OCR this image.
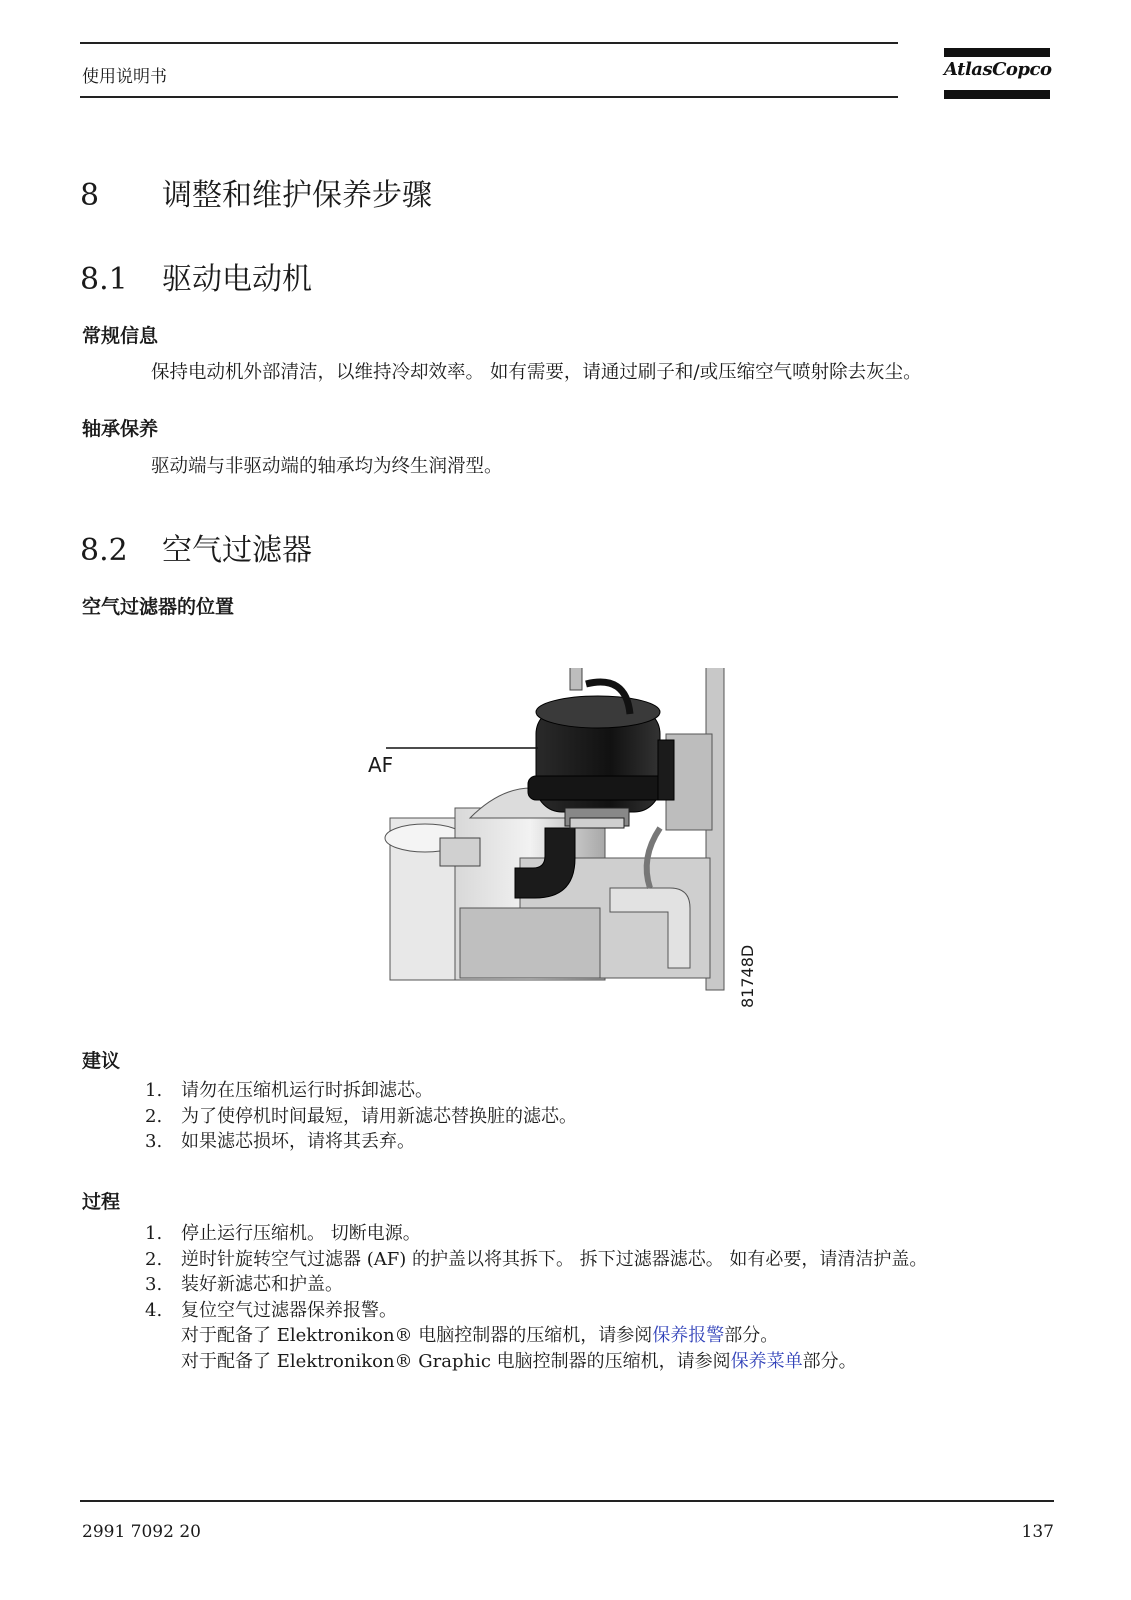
使用说明书	AtlasCopco
8 调整和维护保养步骤
8.1 驱动电动机
常规信息
保持电动机外部清洁，以维持冷却效率。 如有需要，请通过刷子和/或压缩空气喷射除去灰尘。
轴承保养
驱动端与非驱动端的轴承均为终生润滑型。
8.2 空气过滤器
空气过滤器的位置
AF
81748D
建议
1.	请勿在压缩机运行时拆卸滤芯。
2.	为了使停机时间最短，请用新滤芯替换脏的滤芯。
3.	如果滤芯损坏，请将其丢弃。
过程
1.	停止运行压缩机。 切断电源。
2.	逆时针旋转空气过滤器 (AF) 的护盖以将其拆下。 拆下过滤器滤芯。 如有必要，请清洁护盖。
3.	装好新滤芯和护盖。
4.	复位空气过滤器保养报警。
对于配备了 Elektronikon® 电脑控制器的压缩机，请参阅保养报警部分。
对于配备了 Elektronikon® Graphic 电脑控制器的压缩机，请参阅保养菜单部分。
2991 7092 20	137
